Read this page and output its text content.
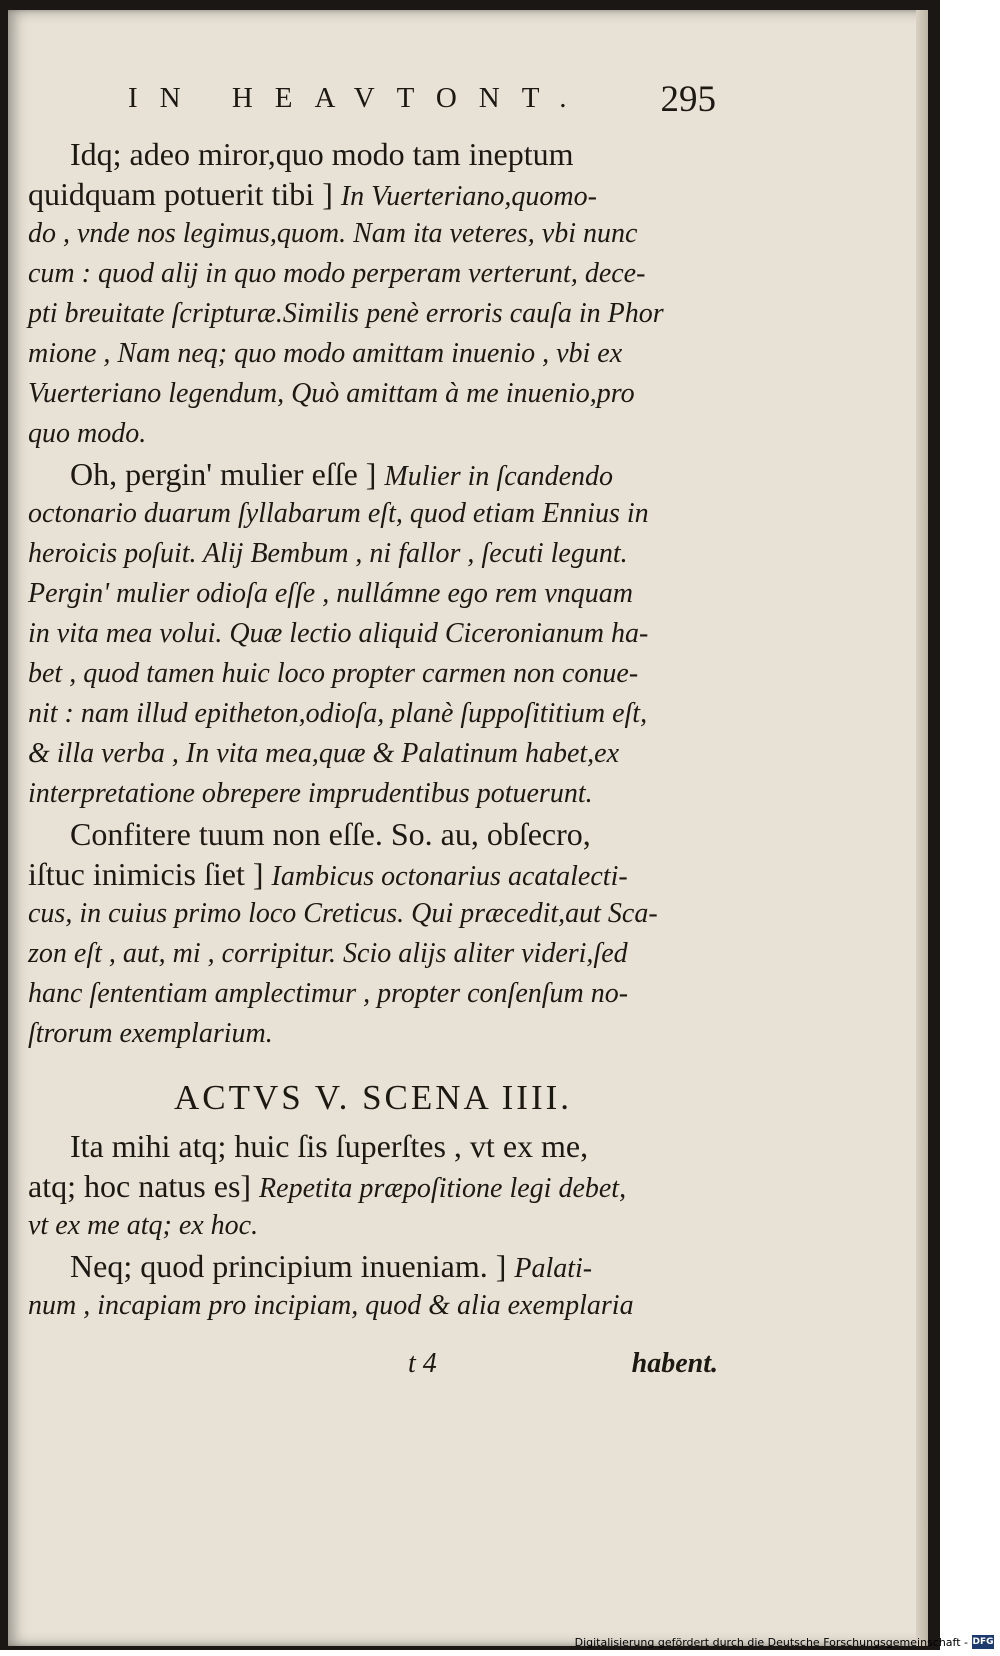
IN HEAVTONT. 295
Idq; adeo miror,quo modo tam ineptum
quidquam potuerit tibi ] In Vuerteriano,quomo-
do , vnde nos legimus,quom. Nam ita veteres, vbi nunc
cum : quod alij in quo modo perperam verterunt, dece-
pti breuitate ſcripturæ.Similis penè erroris cauſa in Phor
mione , Nam neq; quo modo amittam inuenio , vbi ex
Vuerteriano legendum, Quò amittam à me inuenio,pro
quo modo.
Oh, pergin' mulier eſſe ] Mulier in ſcandendo
octonario duarum ſyllabarum eſt, quod etiam Ennius in
heroicis poſuit. Alij Bembum , ni fallor , ſecuti legunt.
Pergin' mulier odioſa eſſe , nullámne ego rem vnquam
in vita mea volui. Quæ lectio aliquid Ciceronianum ha-
bet , quod tamen huic loco propter carmen non conue-
nit : nam illud epitheton,odioſa, planè ſuppoſititium eſt,
& illa verba , In vita mea,quæ & Palatinum habet,ex
interpretatione obrepere imprudentibus potuerunt.
Confitere tuum non eſſe. So. au, obſecro,
iſtuc inimicis ſiet ] Iambicus octonarius acatalecti-
cus, in cuius primo loco Creticus. Qui præcedit,aut Sca-
zon eſt , aut, mi , corripitur. Scio alijs aliter videri,ſed
hanc ſententiam amplectimur , propter conſenſum no-
ſtrorum exemplarium.
ACTVS V. SCENA IIII.
Ita mihi atq; huic ſis ſuperſtes , vt ex me,
atq; hoc natus es] Repetita præpoſitione legi debet,
vt ex me atq; ex hoc.
Neq; quod principium inueniam. ] Palati-
num , incapiam pro incipiam, quod & alia exemplaria
t 4	habent.
Digitalisierung gefördert durch die Deutsche Forschungsgemeinschaft - DFG
